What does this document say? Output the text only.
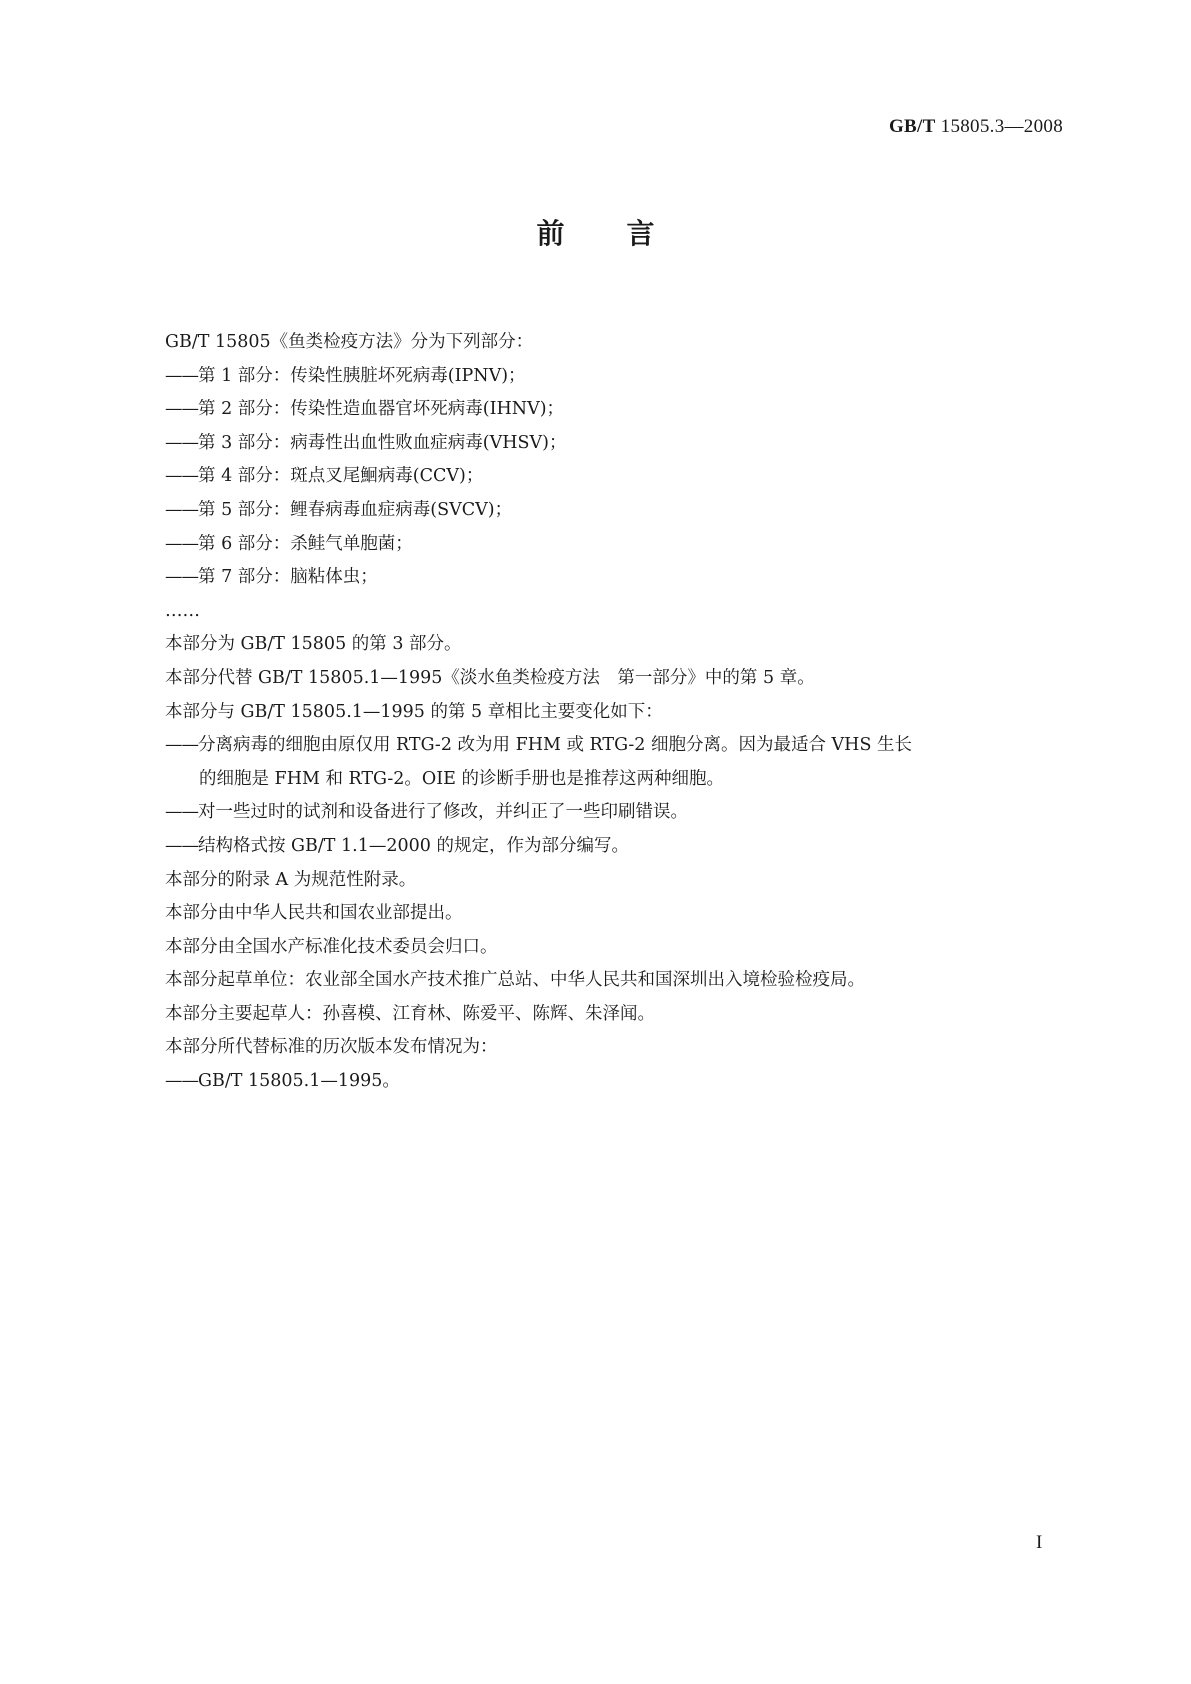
GB/T 15805.3—2008
前 言
GB/T 15805《鱼类检疫方法》分为下列部分：
——第 1 部分：传染性胰脏坏死病毒(IPNV)；
——第 2 部分：传染性造血器官坏死病毒(IHNV)；
——第 3 部分：病毒性出血性败血症病毒(VHSV)；
——第 4 部分：斑点叉尾鮰病毒(CCV)；
——第 5 部分：鲤春病毒血症病毒(SVCV)；
——第 6 部分：杀鲑气单胞菌；
——第 7 部分：脑粘体虫；
……
本部分为 GB/T 15805 的第 3 部分。
本部分代替 GB/T 15805.1—1995《淡水鱼类检疫方法　第一部分》中的第 5 章。
本部分与 GB/T 15805.1—1995 的第 5 章相比主要变化如下：
——分离病毒的细胞由原仅用 RTG-2 改为用 FHM 或 RTG-2 细胞分离。因为最适合 VHS 生长
的细胞是 FHM 和 RTG-2。OIE 的诊断手册也是推荐这两种细胞。
——对一些过时的试剂和设备进行了修改，并纠正了一些印刷错误。
——结构格式按 GB/T 1.1—2000 的规定，作为部分编写。
本部分的附录 A 为规范性附录。
本部分由中华人民共和国农业部提出。
本部分由全国水产标准化技术委员会归口。
本部分起草单位：农业部全国水产技术推广总站、中华人民共和国深圳出入境检验检疫局。
本部分主要起草人：孙喜模、江育林、陈爱平、陈辉、朱泽闻。
本部分所代替标准的历次版本发布情况为：
——GB/T 15805.1—1995。
I
